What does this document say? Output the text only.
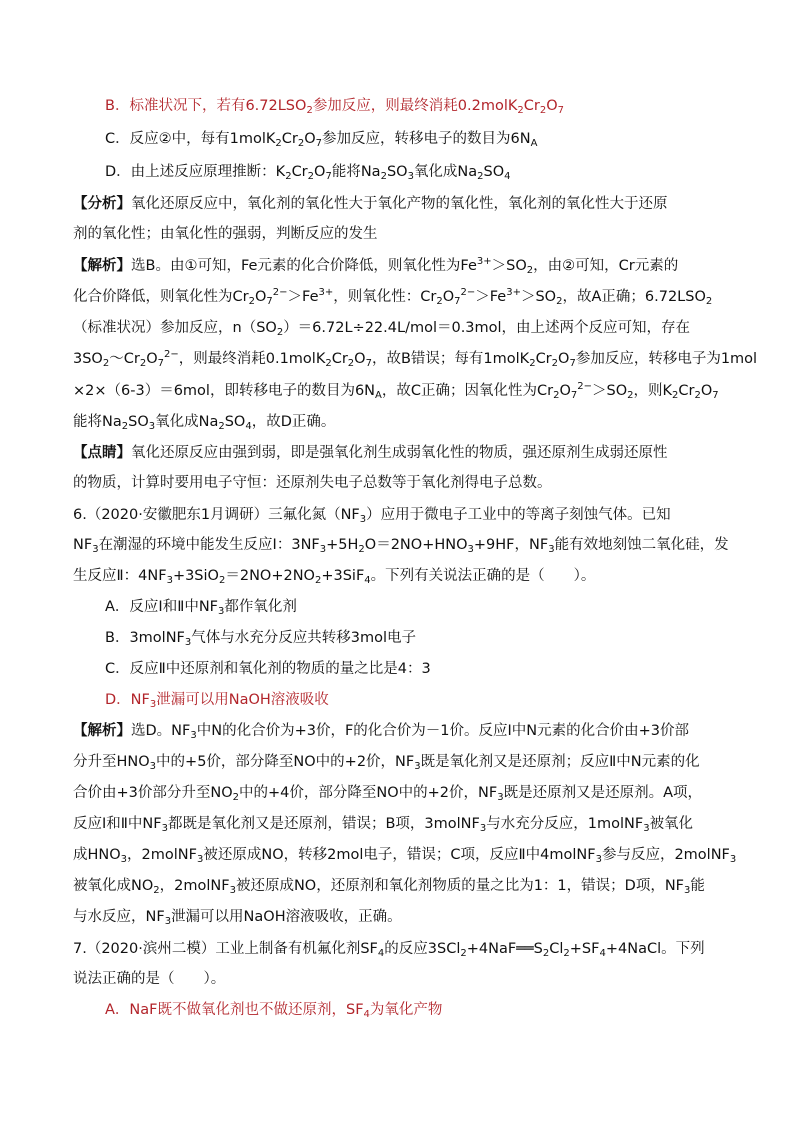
B．标准状况下，若有$6.72LSO_2$参加反应，则最终消耗$0.2molK_2Cr_2O_7$
C．反应②中，每有$1molK_2Cr_2O_7$参加反应，转移电子的数目为$6N_A$
D．由上述反应原理推断：$K_2Cr_2O_7$能将$Na_2SO_3$氧化成$Na_2SO_4$
【分析】氧化还原反应中，氧化剂的氧化性大于氧化产物的氧化性，氧化剂的氧化性大于还原
剂的氧化性；由氧化性的强弱，判断反应的发生
【解析】选B。由①可知，Fe元素的化合价降低，则氧化性为$Fe^{3+}>SO_2$，由②可知，Cr元素的
化合价降低，则氧化性为$Cr_2O_7^{2-}>Fe^{3+}$，则氧化性：$Cr_2O_7^{2-}>Fe^{3+}>SO_2$，故A正确；$6.72LSO_2$
（标准状况）参加反应，$n(SO_2)=6.72L\div 22.4L/mol=0.3mol$，由上述两个反应可知，存在
$3SO_2\sim Cr_2O_7^{2-}$，则最终消耗$0.1molK_2Cr_2O_7$，故B错误；每有$1molK_2Cr_2O_7$参加反应，转移电子为1mol
×2×（6-3）＝6mol，即转移电子的数目为$6N_A$，故C正确；因氧化性为$Cr_2O_7^{2-}>SO_2$，则$K_2Cr_2O_7$
能将$Na_2SO_3$氧化成$Na_2SO_4$，故D正确。
【点睛】氧化还原反应由强到弱，即是强氧化剂生成弱氧化性的物质，强还原剂生成弱还原性
的物质，计算时要用电子守恒：还原剂失电子总数等于氧化剂得电子总数。
6.（2020·安徽肥东1月调研）三氟化氮$(NF_3)$应用于微电子工业中的等离子刻蚀气体。已知
$NF_3$在潮湿的环境中能发生反应Ⅰ：$3NF_3+5H_2O=2NO+HNO_3+9HF$，$NF_3$能有效地刻蚀二氧化硅，发
生反应Ⅱ：$4NF_3+3SiO_2=2NO+2NO_2+3SiF_4$。下列有关说法正确的是（　　）。
A．反应Ⅰ和Ⅱ中$NF_3$都作氧化剂
B．3molNF$_3$气体与水充分反应共转移3mol电子
C．反应Ⅱ中还原剂和氧化剂的物质的量之比是4：3
D．$NF_3$泄漏可以用NaOH溶液吸收
【解析】选D。$NF_3$中N的化合价为+3价，F的化合价为－1价。反应Ⅰ中N元素的化合价由+3价部
分升至$HNO_3$中的+5价，部分降至NO中的+2价，$NF_3$既是氧化剂又是还原剂；反应Ⅱ中N元素的化
合价由+3价部分升至$NO_2$中的+4价，部分降至NO中的+2价，$NF_3$既是还原剂又是还原剂。A项，
反应Ⅰ和Ⅱ中$NF_3$都既是氧化剂又是还原剂，错误；B项，3molNF$_3$与水充分反应，1molNF$_3$被氧化
成$HNO_3$，2molNF$_3$被还原成NO，转移2mol电子，错误；C项，反应Ⅱ中4molNF$_3$参与反应，2molNF$_3$
被氧化成$NO_2$，2molNF$_3$被还原成NO，还原剂和氧化剂物质的量之比为1：1，错误；D项，$NF_3$能
与水反应，$NF_3$泄漏可以用NaOH溶液吸收，正确。
7.（2020·滨州二模）工业上制备有机氟化剂$SF_4$的反应$3SCl_2+4NaF══S_2Cl_2+SF_4+4NaCl$。下列
说法正确的是（　　）。
A．NaF既不做氧化剂也不做还原剂，$SF_4$为氧化产物
